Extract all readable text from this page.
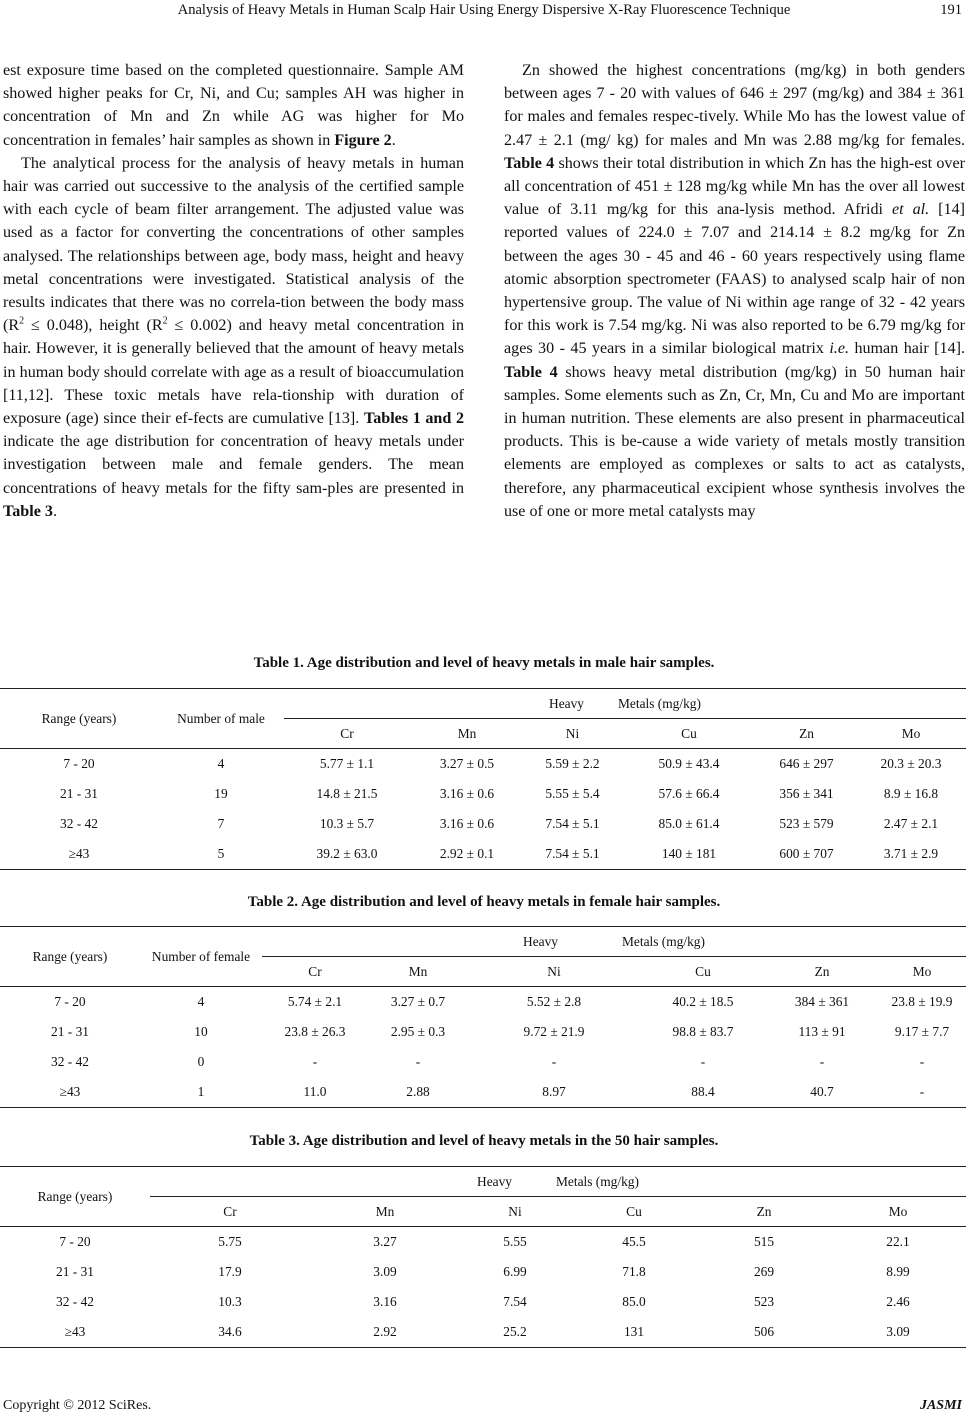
Analysis of Heavy Metals in Human Scalp Hair Using Energy Dispersive X-Ray Fluorescence Technique	191

est exposure time based on the completed questionnaire. Sample AM showed higher peaks for Cr, Ni, and Cu; samples AH was higher in concentration of Mn and Zn while AG was higher for Mo concentration in females’ hair samples as shown in Figure 2.

The analytical process for the analysis of heavy metals in human hair was carried out successive to the analysis of the certified sample with each cycle of beam filter arrangement. The adjusted value was used as a factor for converting the concentrations of other samples analysed. The relationships between age, body mass, height and heavy metal concentrations were investigated. Statistical analysis of the results indicates that there was no correla-tion between the body mass $(R^2 \le 0.048)$, height $(R^2 \le 0.002)$ and heavy metal concentration in hair. However, it is generally believed that the amount of heavy metals in human body should correlate with age as a result of bioaccumulation [11,12]. These toxic metals have rela-tionship with duration of exposure (age) since their ef-fects are cumulative [13]. Tables 1 and 2 indicate the age distribution for concentration of heavy metals under investigation between male and female genders. The mean concentrations of heavy metals for the fifty sam-ples are presented in Table 3.

Zn showed the highest concentrations (mg/kg) in both genders between ages 7 - 20 with values of 646 ± 297 (mg/kg) and 384 ± 361 for males and females respec-tively. While Mo has the lowest value of 2.47 ± 2.1 (mg/ kg) for males and Mn was 2.88 mg/kg for females. Table 4 shows their total distribution in which Zn has the high-est over all concentration of 451 ± 128 mg/kg while Mn has the over all lowest value of 3.11 mg/kg for this ana-lysis method. Afridi et al. [14] reported values of 224.0 ± 7.07 and 214.14 ± 8.2 mg/kg for Zn between the ages 30 - 45 and 46 - 60 years respectively using flame atomic absorption spectrometer (FAAS) to analysed scalp hair of non hypertensive group. The value of Ni within age range of 32 - 42 years for this work is 7.54 mg/kg. Ni was also reported to be 6.79 mg/kg for ages 30 - 45 years in a similar biological matrix i.e. human hair [14]. Table 4 shows heavy metal distribution (mg/kg) in 50 human hair samples. Some elements such as Zn, Cr, Mn, Cu and Mo are important in human nutrition. These elements are also present in pharmaceutical products. This is be-cause a wide variety of metals mostly transition elements are employed as complexes or salts to act as catalysts, therefore, any pharmaceutical excipient whose synthesis involves the use of one or more metal catalysts may

Table 1. Age distribution and level of heavy metals in male hair samples.
Range (years)	Number of male	Heavy Metals (mg/kg)					
		Cr	Mn	Ni	Cu	Zn	Mo
7 - 20	4	5.77 ± 1.1	3.27 ± 0.5	5.59 ± 2.2	50.9 ± 43.4	646 ± 297	20.3 ± 20.3
21 - 31	19	14.8 ± 21.5	3.16 ± 0.6	5.55 ± 5.4	57.6 ± 66.4	356 ± 341	8.9 ± 16.8
32 - 42	7	10.3 ± 5.7	3.16 ± 0.6	7.54 ± 5.1	85.0 ± 61.4	523 ± 579	2.47 ± 2.1
≥43	5	39.2 ± 63.0	2.92 ± 0.1	7.54 ± 5.1	140 ± 181	600 ± 707	3.71 ± 2.9
Table 2. Age distribution and level of heavy metals in female hair samples.
Range (years)	Number of female	Heavy Metals (mg/kg)					
		Cr	Mn	Ni	Cu	Zn	Mo
7 - 20	4	5.74 ± 2.1	3.27 ± 0.7	5.52 ± 2.8	40.2 ± 18.5	384 ± 361	23.8 ± 19.9
21 - 31	10	23.8 ± 26.3	2.95 ± 0.3	9.72 ± 21.9	98.8 ± 83.7	113 ± 91	9.17 ± 7.7
32 - 42	0	-	-	-	-	-	-
≥43	1	11.0	2.88	8.97	88.4	40.7	-
Table 3. Age distribution and level of heavy metals in the 50 hair samples.
Range (years)	Heavy Metals (mg/kg)					
	Cr	Mn	Ni	Cu	Zn	Mo
7 - 20	5.75	3.27	5.55	45.5	515	22.1
21 - 31	17.9	3.09	6.99	71.8	269	8.99
32 - 42	10.3	3.16	7.54	85.0	523	2.46
≥43	34.6	2.92	25.2	131	506	3.09
Copyright © 2012 SciRes.	JASMI
